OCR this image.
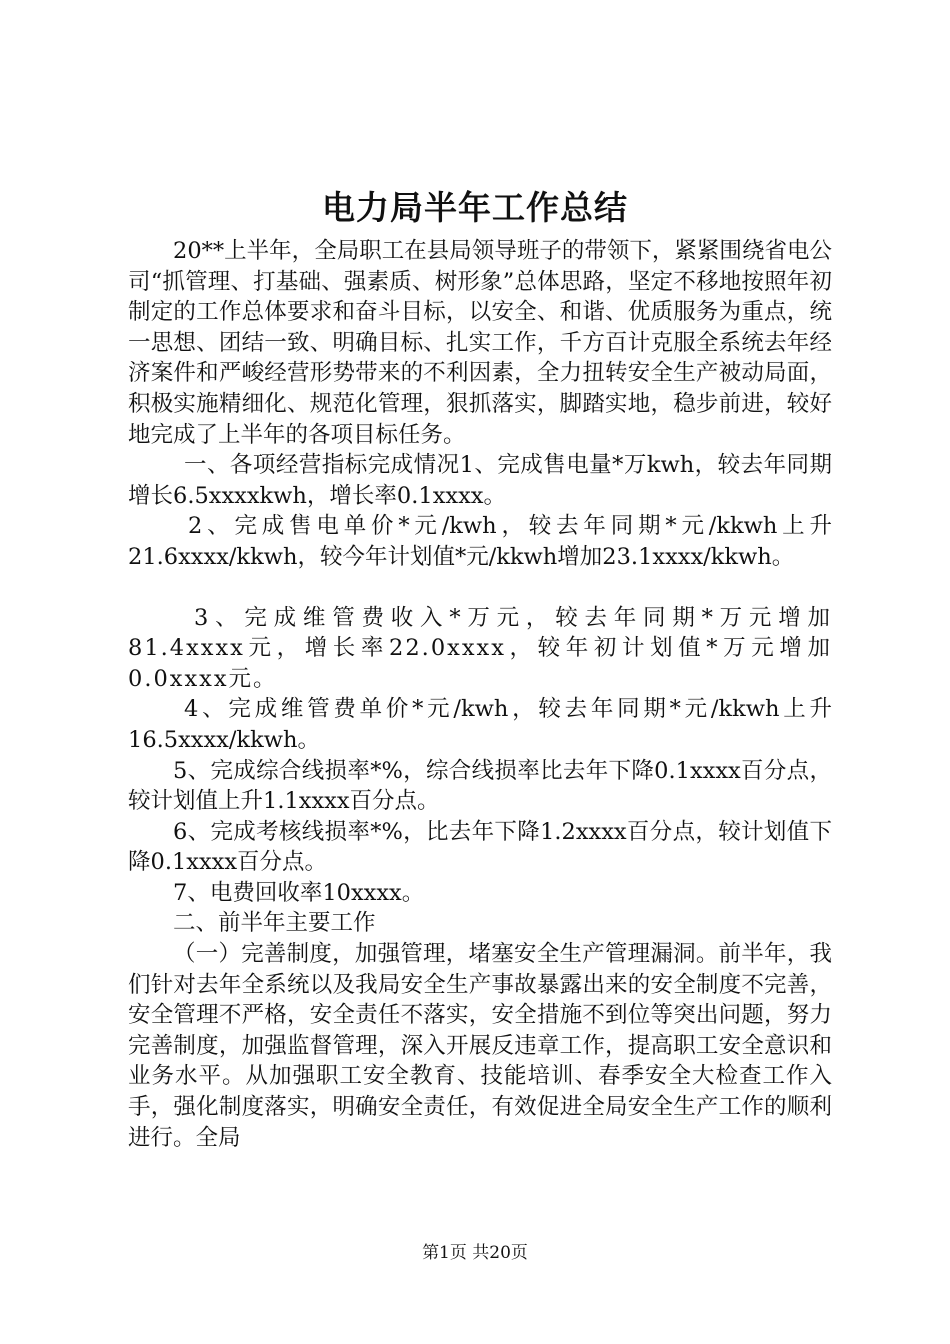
电力局半年工作总结

20**上半年，全局职工在县局领导班子的带领下，紧紧围绕省电公司“抓管理、打基础、强素质、树形象”总体思路，坚定不移地按照年初制定的工作总体要求和奋斗目标，以安全、和谐、优质服务为重点，统一思想、团结一致、明确目标、扎实工作，千方百计克服全系统去年经济案件和严峻经营形势带来的不利因素，全力扭转安全生产被动局面，积极实施精细化、规范化管理，狠抓落实，脚踏实地，稳步前进，较好地完成了上半年的各项目标任务。

一、各项经营指标完成情况1、完成售电量*万kwh，较去年同期增长6.5xxxxkwh，增长率0.1xxxx。

2、完成售电单价*元/kwh，较去年同期*元/kkwh上升21.6xxxx/kkwh，较今年计划值*元/kkwh增加23.1xxxx/kkwh。

3、完成维管费收入*万元，较去年同期*万元增加81.4xxxx元，增长率22.0xxxx，较年初计划值*万元增加0.0xxxx元。

4、完成维管费单价*元/kwh，较去年同期*元/kkwh上升16.5xxxx/kkwh。

5、完成综合线损率*%，综合线损率比去年下降0.1xxxx百分点，较计划值上升1.1xxxx百分点。

6、完成考核线损率*%，比去年下降1.2xxxx百分点，较计划值下降0.1xxxx百分点。

7、电费回收率10xxxx。

二、前半年主要工作

（一）完善制度，加强管理，堵塞安全生产管理漏洞。前半年，我们针对去年全系统以及我局安全生产事故暴露出来的安全制度不完善，安全管理不严格，安全责任不落实，安全措施不到位等突出问题，努力完善制度，加强监督管理，深入开展反违章工作，提高职工安全意识和业务水平。从加强职工安全教育、技能培训、春季安全大检查工作入手，强化制度落实，明确安全责任，有效促进全局安全生产工作的顺利进行。全局

第1页 共20页
